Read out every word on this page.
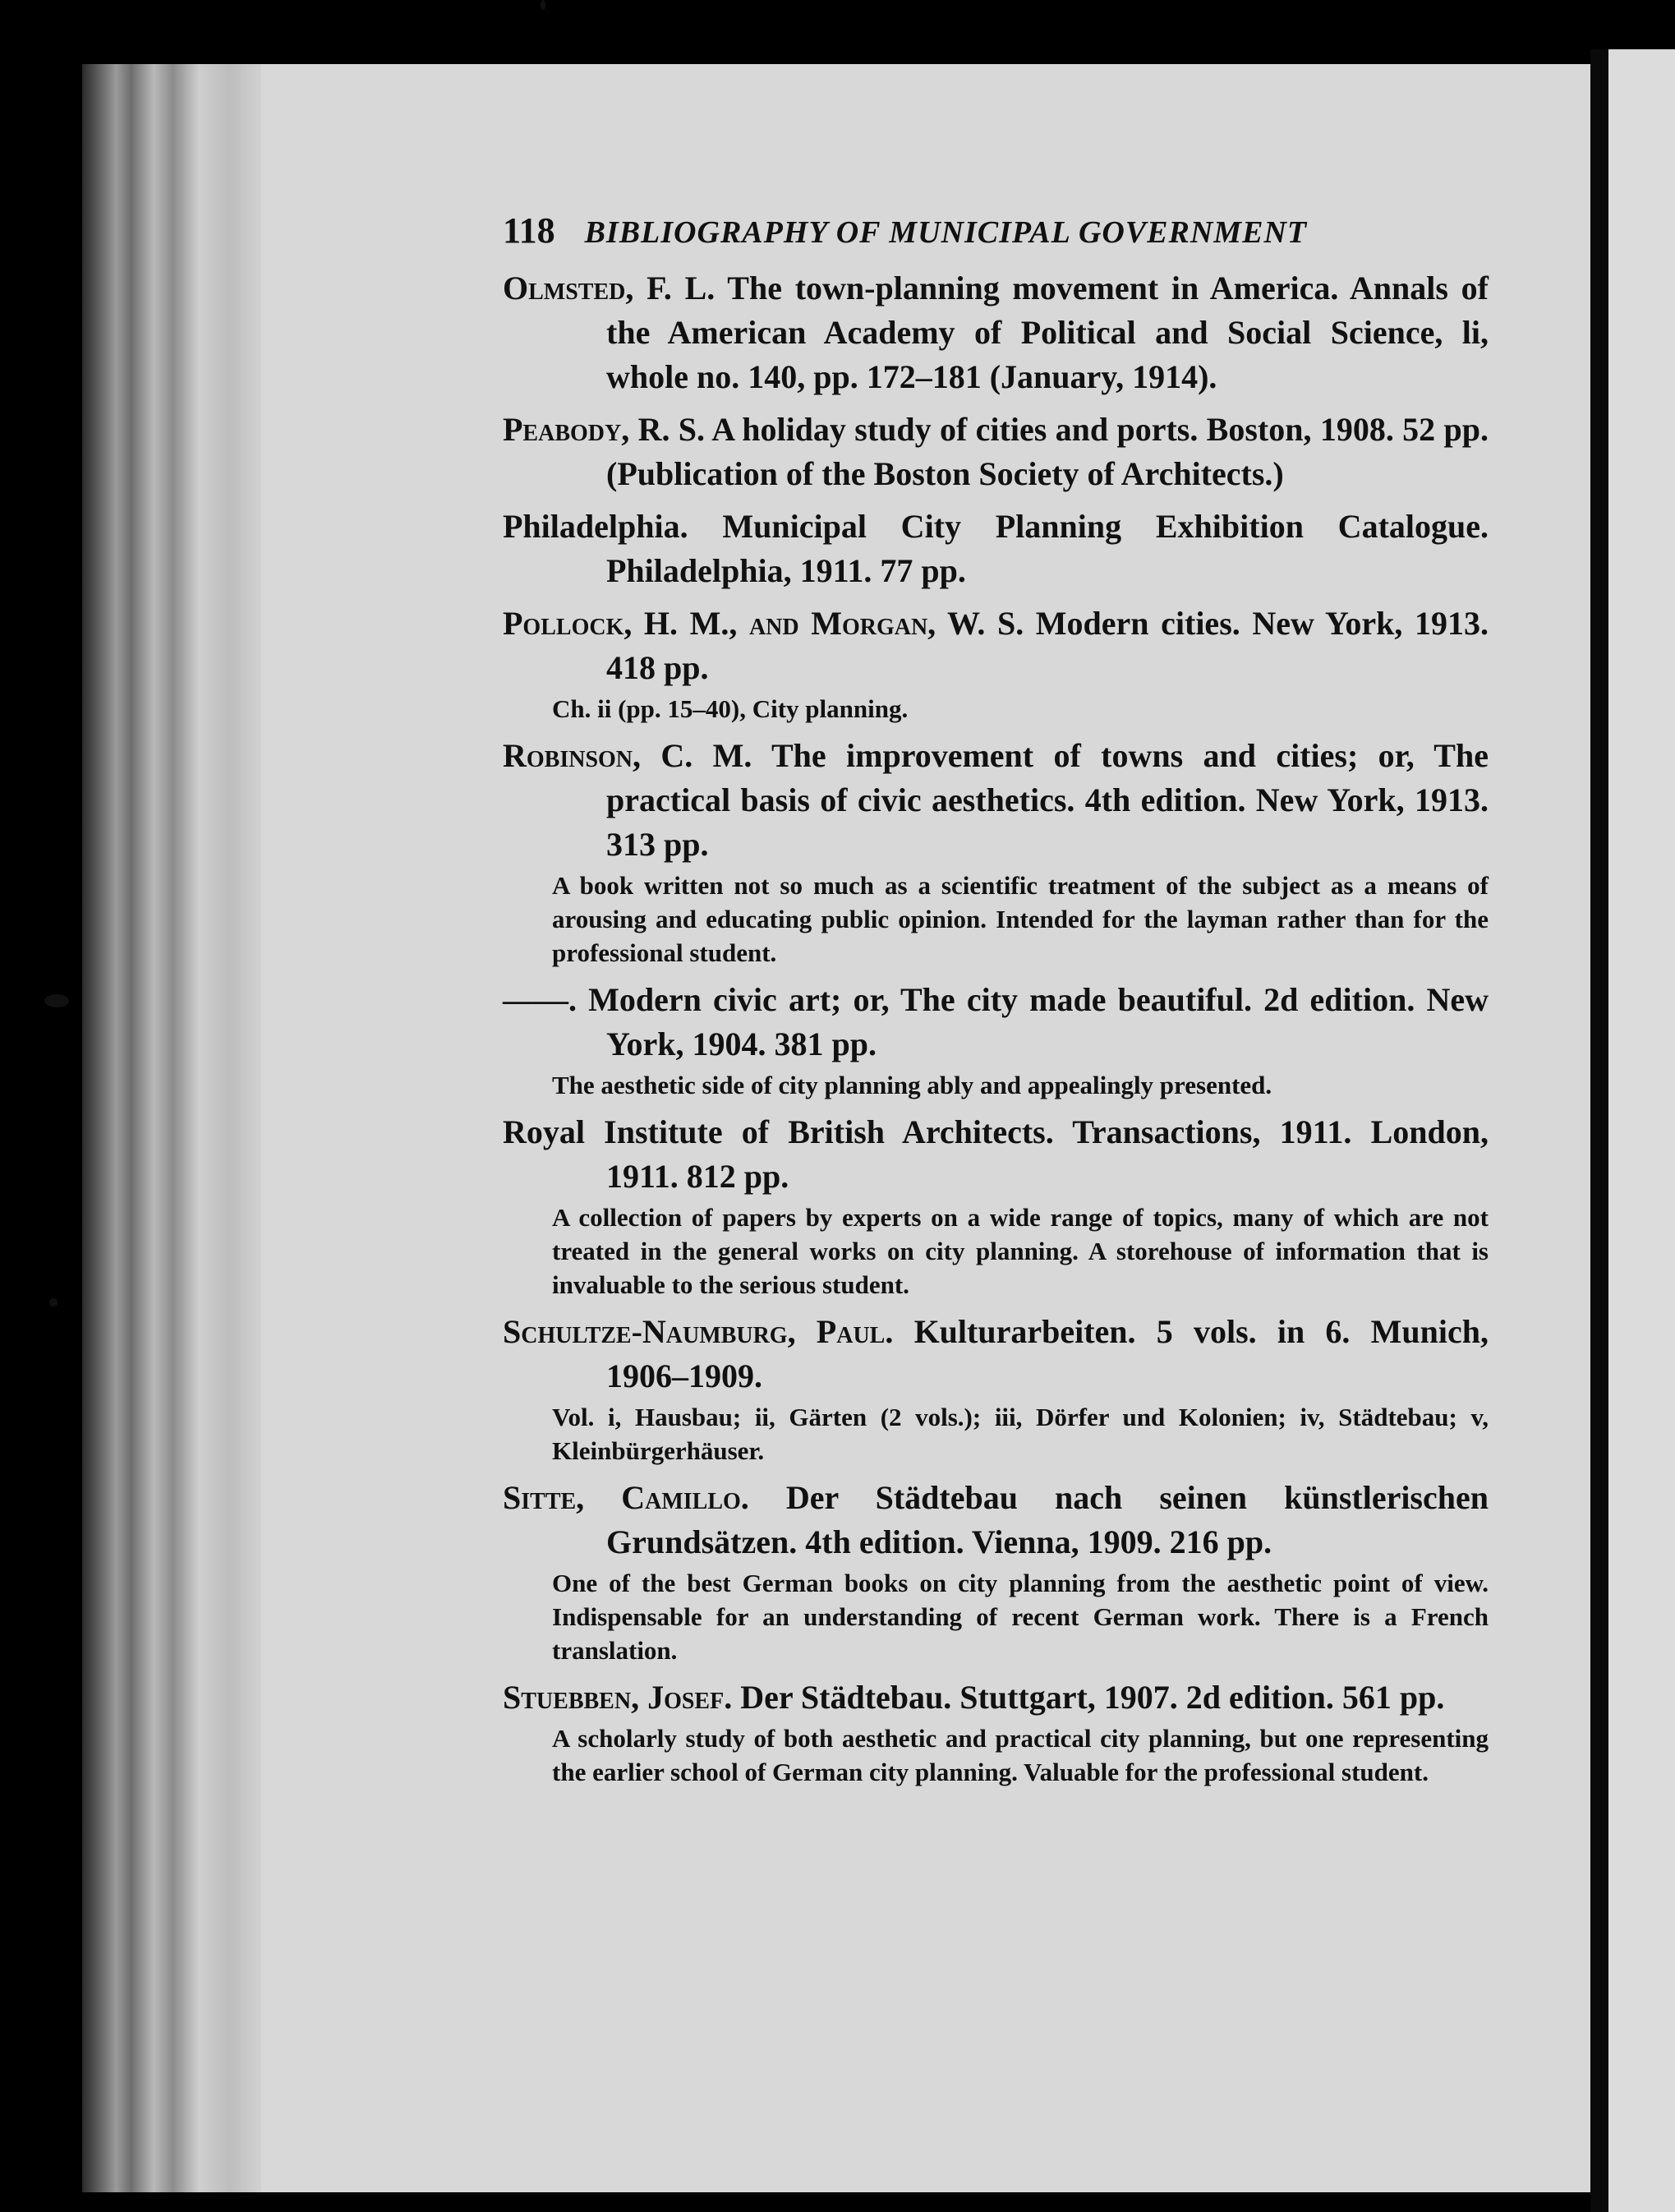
118 BIBLIOGRAPHY OF MUNICIPAL GOVERNMENT
Olmsted, F. L. The town-planning movement in America. Annals of the American Academy of Political and Social Science, li, whole no. 140, pp. 172–181 (January, 1914).
Peabody, R. S. A holiday study of cities and ports. Boston, 1908. 52 pp. (Publication of the Boston Society of Architects.)
Philadelphia. Municipal City Planning Exhibition Catalogue. Philadelphia, 1911. 77 pp.
Pollock, H. M., and Morgan, W. S. Modern cities. New York, 1913. 418 pp.
Ch. ii (pp. 15–40), City planning.
Robinson, C. M. The improvement of towns and cities; or, The practical basis of civic aesthetics. 4th edition. New York, 1913. 313 pp.
A book written not so much as a scientific treatment of the subject as a means of arousing and educating public opinion. Intended for the layman rather than for the professional student.
——. Modern civic art; or, The city made beautiful. 2d edition. New York, 1904. 381 pp.
The aesthetic side of city planning ably and appealingly presented.
Royal Institute of British Architects. Transactions, 1911. London, 1911. 812 pp.
A collection of papers by experts on a wide range of topics, many of which are not treated in the general works on city planning. A storehouse of information that is invaluable to the serious student.
Schultze-Naumburg, Paul. Kulturarbeiten. 5 vols. in 6. Munich, 1906–1909.
Vol. i, Hausbau; ii, Gärten (2 vols.); iii, Dörfer und Kolonien; iv, Städtebau; v, Kleinbürgerhäuser.
Sitte, Camillo. Der Städtebau nach seinen künstlerischen Grundsätzen. 4th edition. Vienna, 1909. 216 pp.
One of the best German books on city planning from the aesthetic point of view. Indispensable for an understanding of recent German work. There is a French translation.
Stuebben, Josef. Der Städtebau. Stuttgart, 1907. 2d edition. 561 pp.
A scholarly study of both aesthetic and practical city planning, but one representing the earlier school of German city planning. Valuable for the professional student.
